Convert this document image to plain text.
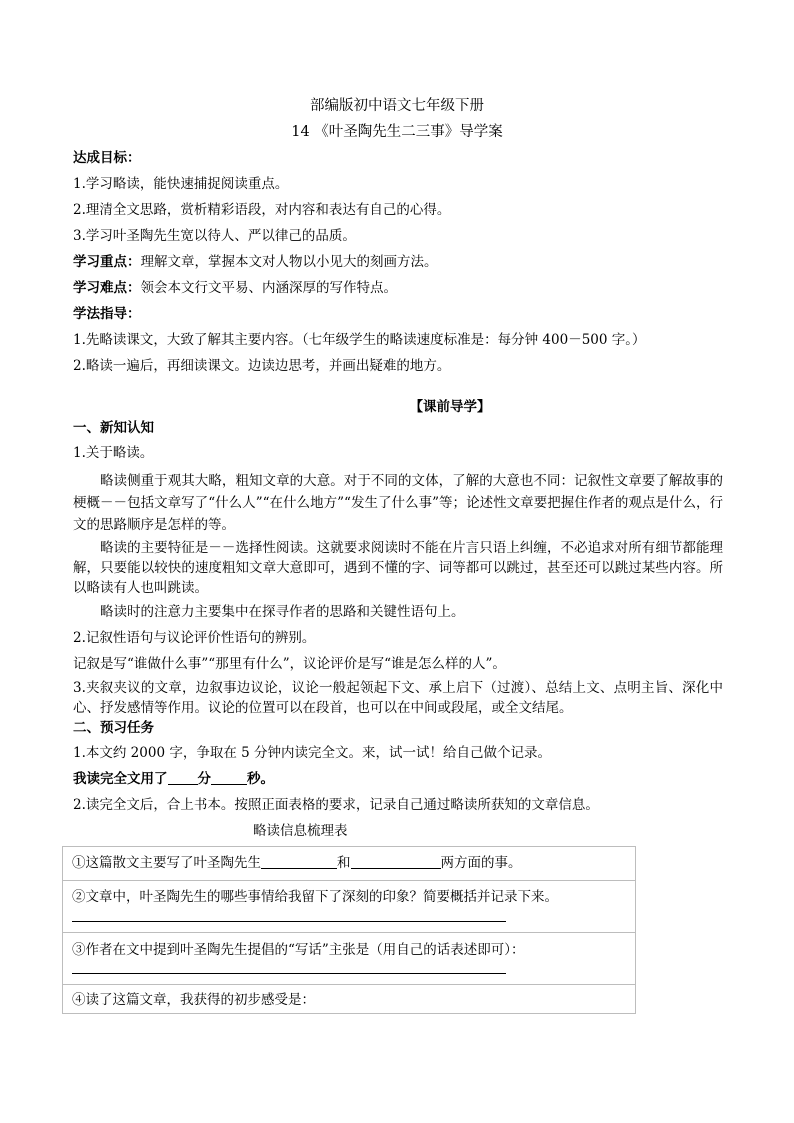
部编版初中语文七年级下册
14 《叶圣陶先生二三事》导学案
达成目标：
1.学习略读，能快速捕捉阅读重点。
2.理清全文思路，赏析精彩语段，对内容和表达有自己的心得。
3.学习叶圣陶先生宽以待人、严以律己的品质。
学习重点：理解文章，掌握本文对人物以小见大的刻画方法。
学习难点：领会本文行文平易、内涵深厚的写作特点。
学法指导：
1.先略读课文，大致了解其主要内容。（七年级学生的略读速度标准是：每分钟 400－500 字。）
2.略读一遍后，再细读课文。边读边思考，并画出疑难的地方。
【课前导学】
一、新知认知
1.关于略读。
略读侧重于观其大略，粗知文章的大意。对于不同的文体，了解的大意也不同：记叙性文章要了解故事的梗概－－包括文章写了“什么人”“在什么地方”“发生了什么事”等；论述性文章要把握住作者的观点是什么，行文的思路顺序是怎样的等。
略读的主要特征是－－选择性阅读。这就要求阅读时不能在片言只语上纠缠，不必追求对所有细节都能理解，只要能以较快的速度粗知文章大意即可，遇到不懂的字、词等都可以跳过，甚至还可以跳过某些内容。所以略读有人也叫跳读。
略读时的注意力主要集中在探寻作者的思路和关键性语句上。
2.记叙性语句与议论评价性语句的辨别。
记叙是写“谁做什么事”“那里有什么”，议论评价是写“谁是怎么样的人”。
3.夹叙夹议的文章，边叙事边议论，议论一般起领起下文、承上启下（过渡）、总结上文、点明主旨、深化中心、抒发感情等作用。议论的位置可以在段首，也可以在中间或段尾，或全文结尾。
二、预习任务
1.本文约 2000 字，争取在 5 分钟内读完全文。来，试一试！给自己做个记录。
我读完全文用了 分	秒。
2.读完全文后，合上书本。按照正面表格的要求，记录自己通过略读所获知的文章信息。
略读信息梳理表
①这篇散文主要写了叶圣陶先生	和	两方面的事。
②文章中，叶圣陶先生的哪些事情给我留下了深刻的印象？简要概括并记录下来。
③作者在文中提到叶圣陶先生提倡的“写话”主张是（用自己的话表述即可）：
④读了这篇文章，我获得的初步感受是：
